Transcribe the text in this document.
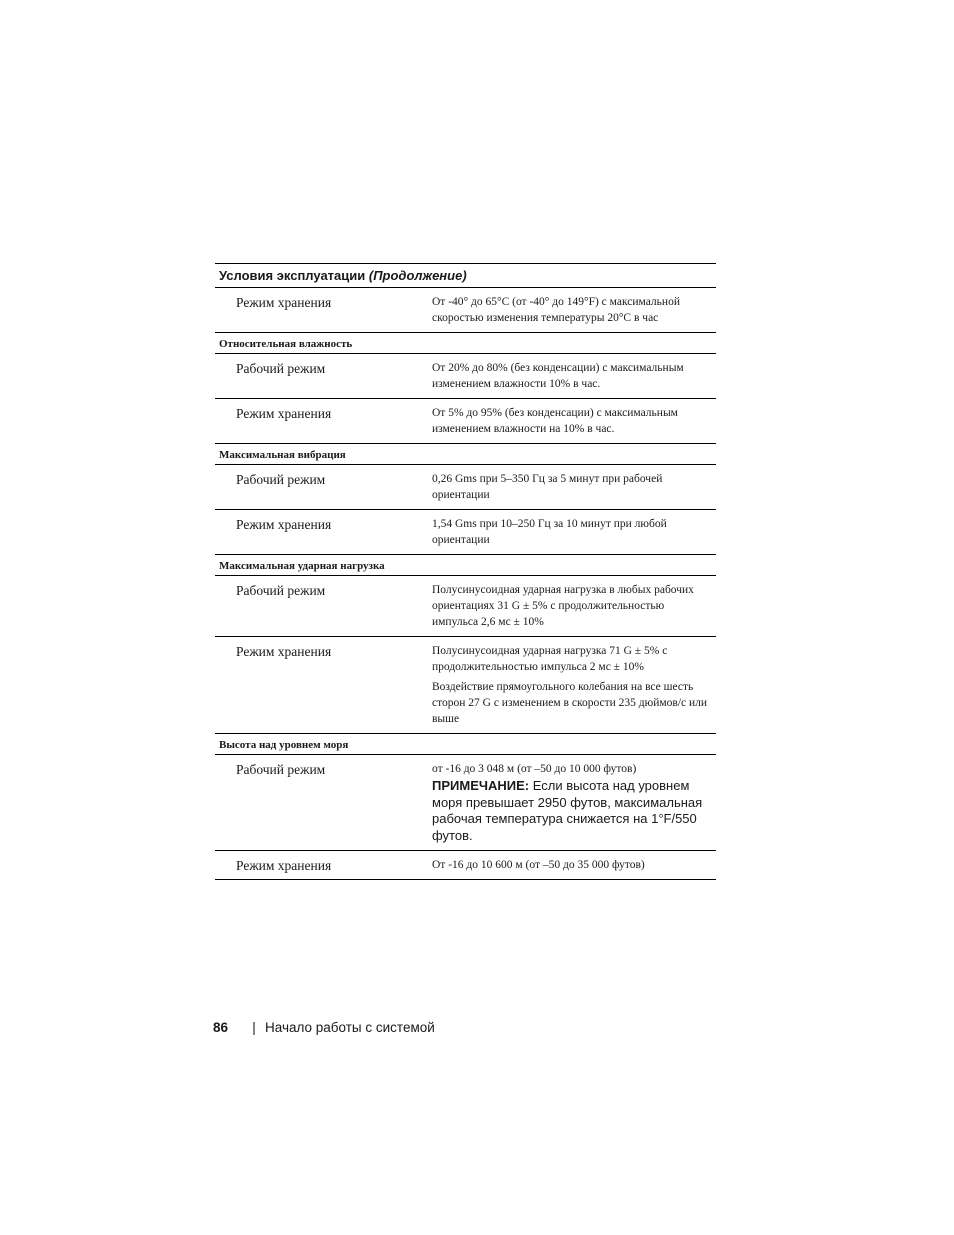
Условия эксплуатации (Продолжение)
Режим хранения	От -40° до 65°C (от -40° до 149°F) с максимальной скоростью изменения температуры 20°C в час

Относительная влажность
Рабочий режим	От 20% до 80% (без конденсации) с максимальным изменением влажности 10% в час.

Режим хранения	От 5% до 95% (без конденсации) с максимальным изменением влажности на 10% в час.

Максимальная вибрация
Рабочий режим	0,26 Gms при 5–350 Гц за 5 минут при рабочей ориентации

Режим хранения	1,54 Gms при 10–250 Гц за 10 минут при любой ориентации

Максимальная ударная нагрузка
Рабочий режим	Полусинусоидная ударная нагрузка в любых рабочих ориентациях 31 G ± 5% с продолжительностью импульса 2,6 мс ± 10%

Режим хранения	Полусинусоидная ударная нагрузка 71 G ± 5% с продолжительностью импульса 2 мс ± 10%

Воздействие прямоугольного колебания на все шесть сторон 27 G с изменением в скорости 235 дюймов/с или выше

Высота над уровнем моря
Рабочий режим	от -16 до 3 048 м (от –50 до 10 000 футов)

ПРИМЕЧАНИЕ: Если высота над уровнем моря превышает 2950 футов, максимальная рабочая температура снижается на 1°F/550 футов.
Режим хранения	От -16 до 10 600 м (от –50 до 35 000 футов)

86 | Начало работы с системой
